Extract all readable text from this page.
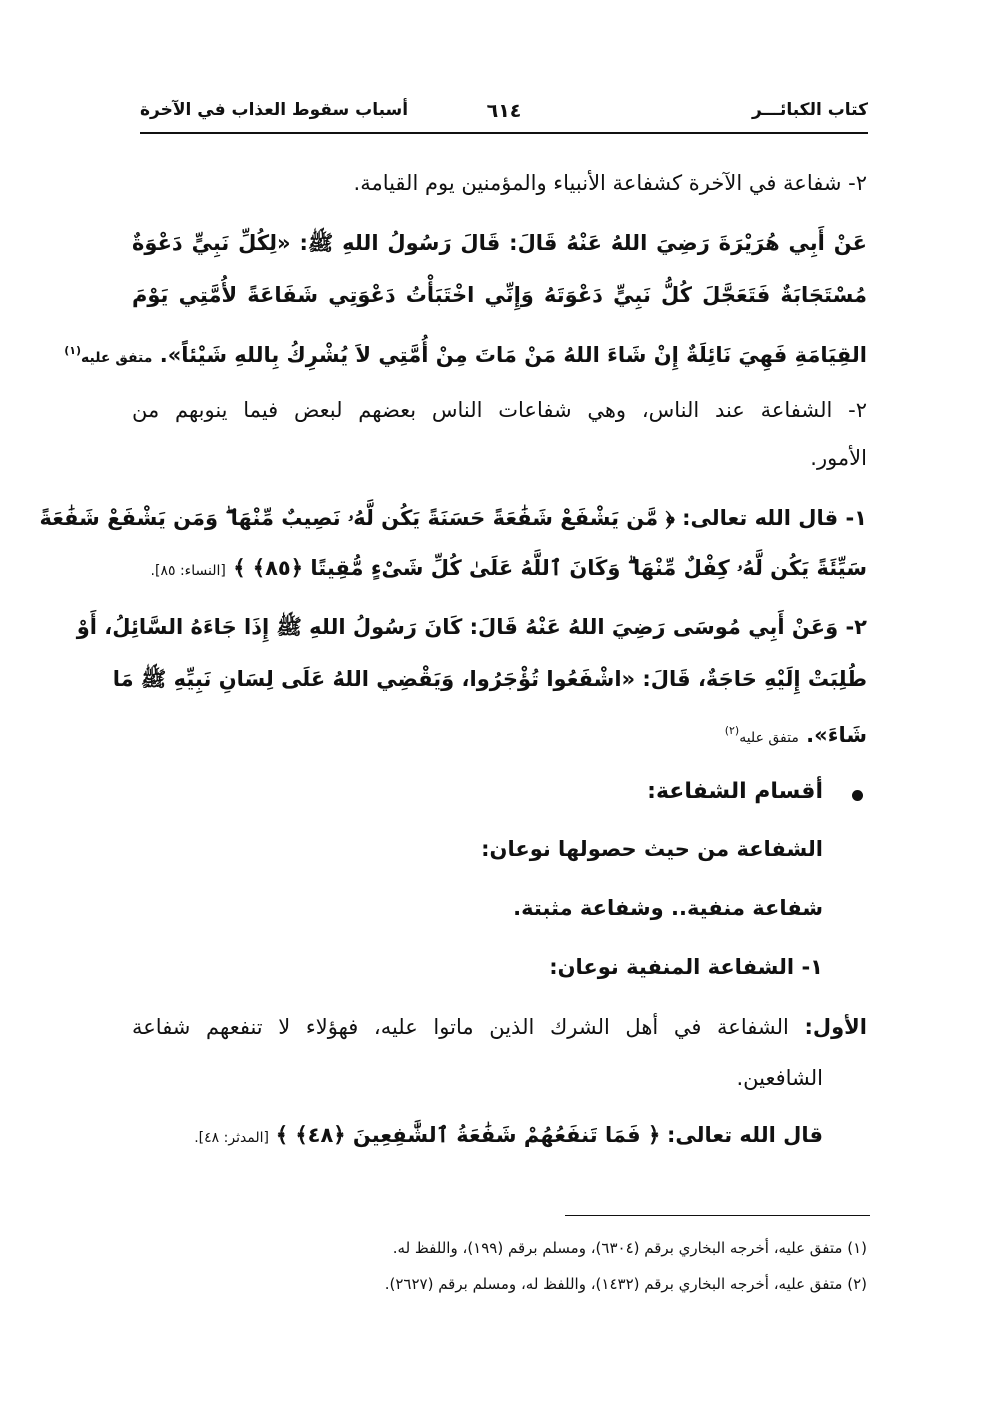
كتاب الكبائـــر
٦١٤
أسباب سقوط العذاب في الآخرة
٢- شفاعة في الآخرة كشفاعة الأنبياء والمؤمنين يوم القيامة.
عَنْ أَبِي هُرَيْرَةَ رَضِيَ اللهُ عَنْهُ قَالَ: قَالَ رَسُولُ اللهِ ﷺ: «لِكُلِّ نَبِيٍّ دَعْوَةٌ
مُسْتَجَابَةٌ فَتَعَجَّلَ كُلُّ نَبِيٍّ دَعْوَتَهُ وَإِنِّي اخْتَبَأْتُ دَعْوَتِي شَفَاعَةً لأُمَّتِي يَوْمَ
القِيَامَةِ فَهِيَ نَائِلَةٌ إِنْ شَاءَ اللهُ مَنْ مَاتَ مِنْ أُمَّتِي لاَ يُشْرِكُ بِاللهِ شَيْئاً». متفق عليه$^{(١)}$
٢- الشفاعة عند الناس، وهي شفاعات الناس بعضهم لبعض فيما ينوبهم من
الأمور.
١- قال الله تعالى: ﴿ مَّن يَشْفَعْ شَفَٰعَةً حَسَنَةً يَكُن لَّهُۥ نَصِيبٌ مِّنْهَا ۖ وَمَن يَشْفَعْ شَفَٰعَةً
سَيِّئَةً يَكُن لَّهُۥ كِفْلٌ مِّنْهَا ۗ وَكَانَ ٱللَّهُ عَلَىٰ كُلِّ شَىْءٍ مُّقِيتًا ﴿٨٥﴾ ﴾ [النساء: ٨٥].
٢- وَعَنْ أَبِي مُوسَى رَضِيَ اللهُ عَنْهُ قَالَ: كَانَ رَسُولُ اللهِ ﷺ إِذَا جَاءَهُ السَّائِلُ، أَوْ
طُلِبَتْ إِلَيْهِ حَاجَةٌ، قَالَ: «اشْفَعُوا تُؤْجَرُوا، وَيَقْضِي اللهُ عَلَى لِسَانِ نَبِيِّهِ ﷺ مَا
شَاءَ». متفق عليه$^{(٢)}$
أقسام الشفاعة:
الشفاعة من حيث حصولها نوعان:
شفاعة منفية.. وشفاعة مثبتة.
١- الشفاعة المنفية نوعان:
الأول: الشفاعة في أهل الشرك الذين ماتوا عليه، فهؤلاء لا تنفعهم شفاعة
الشافعين.
قال الله تعالى: ﴿ فَمَا تَنفَعُهُمْ شَفَٰعَةُ ٱلشَّٰفِعِينَ ﴿٤٨﴾ ﴾ [المدثر: ٤٨].
(١) متفق عليه، أخرجه البخاري برقم (٦٣٠٤)، ومسلم برقم (١٩٩)، واللفظ له.
(٢) متفق عليه، أخرجه البخاري برقم (١٤٣٢)، واللفظ له، ومسلم برقم (٢٦٢٧).
